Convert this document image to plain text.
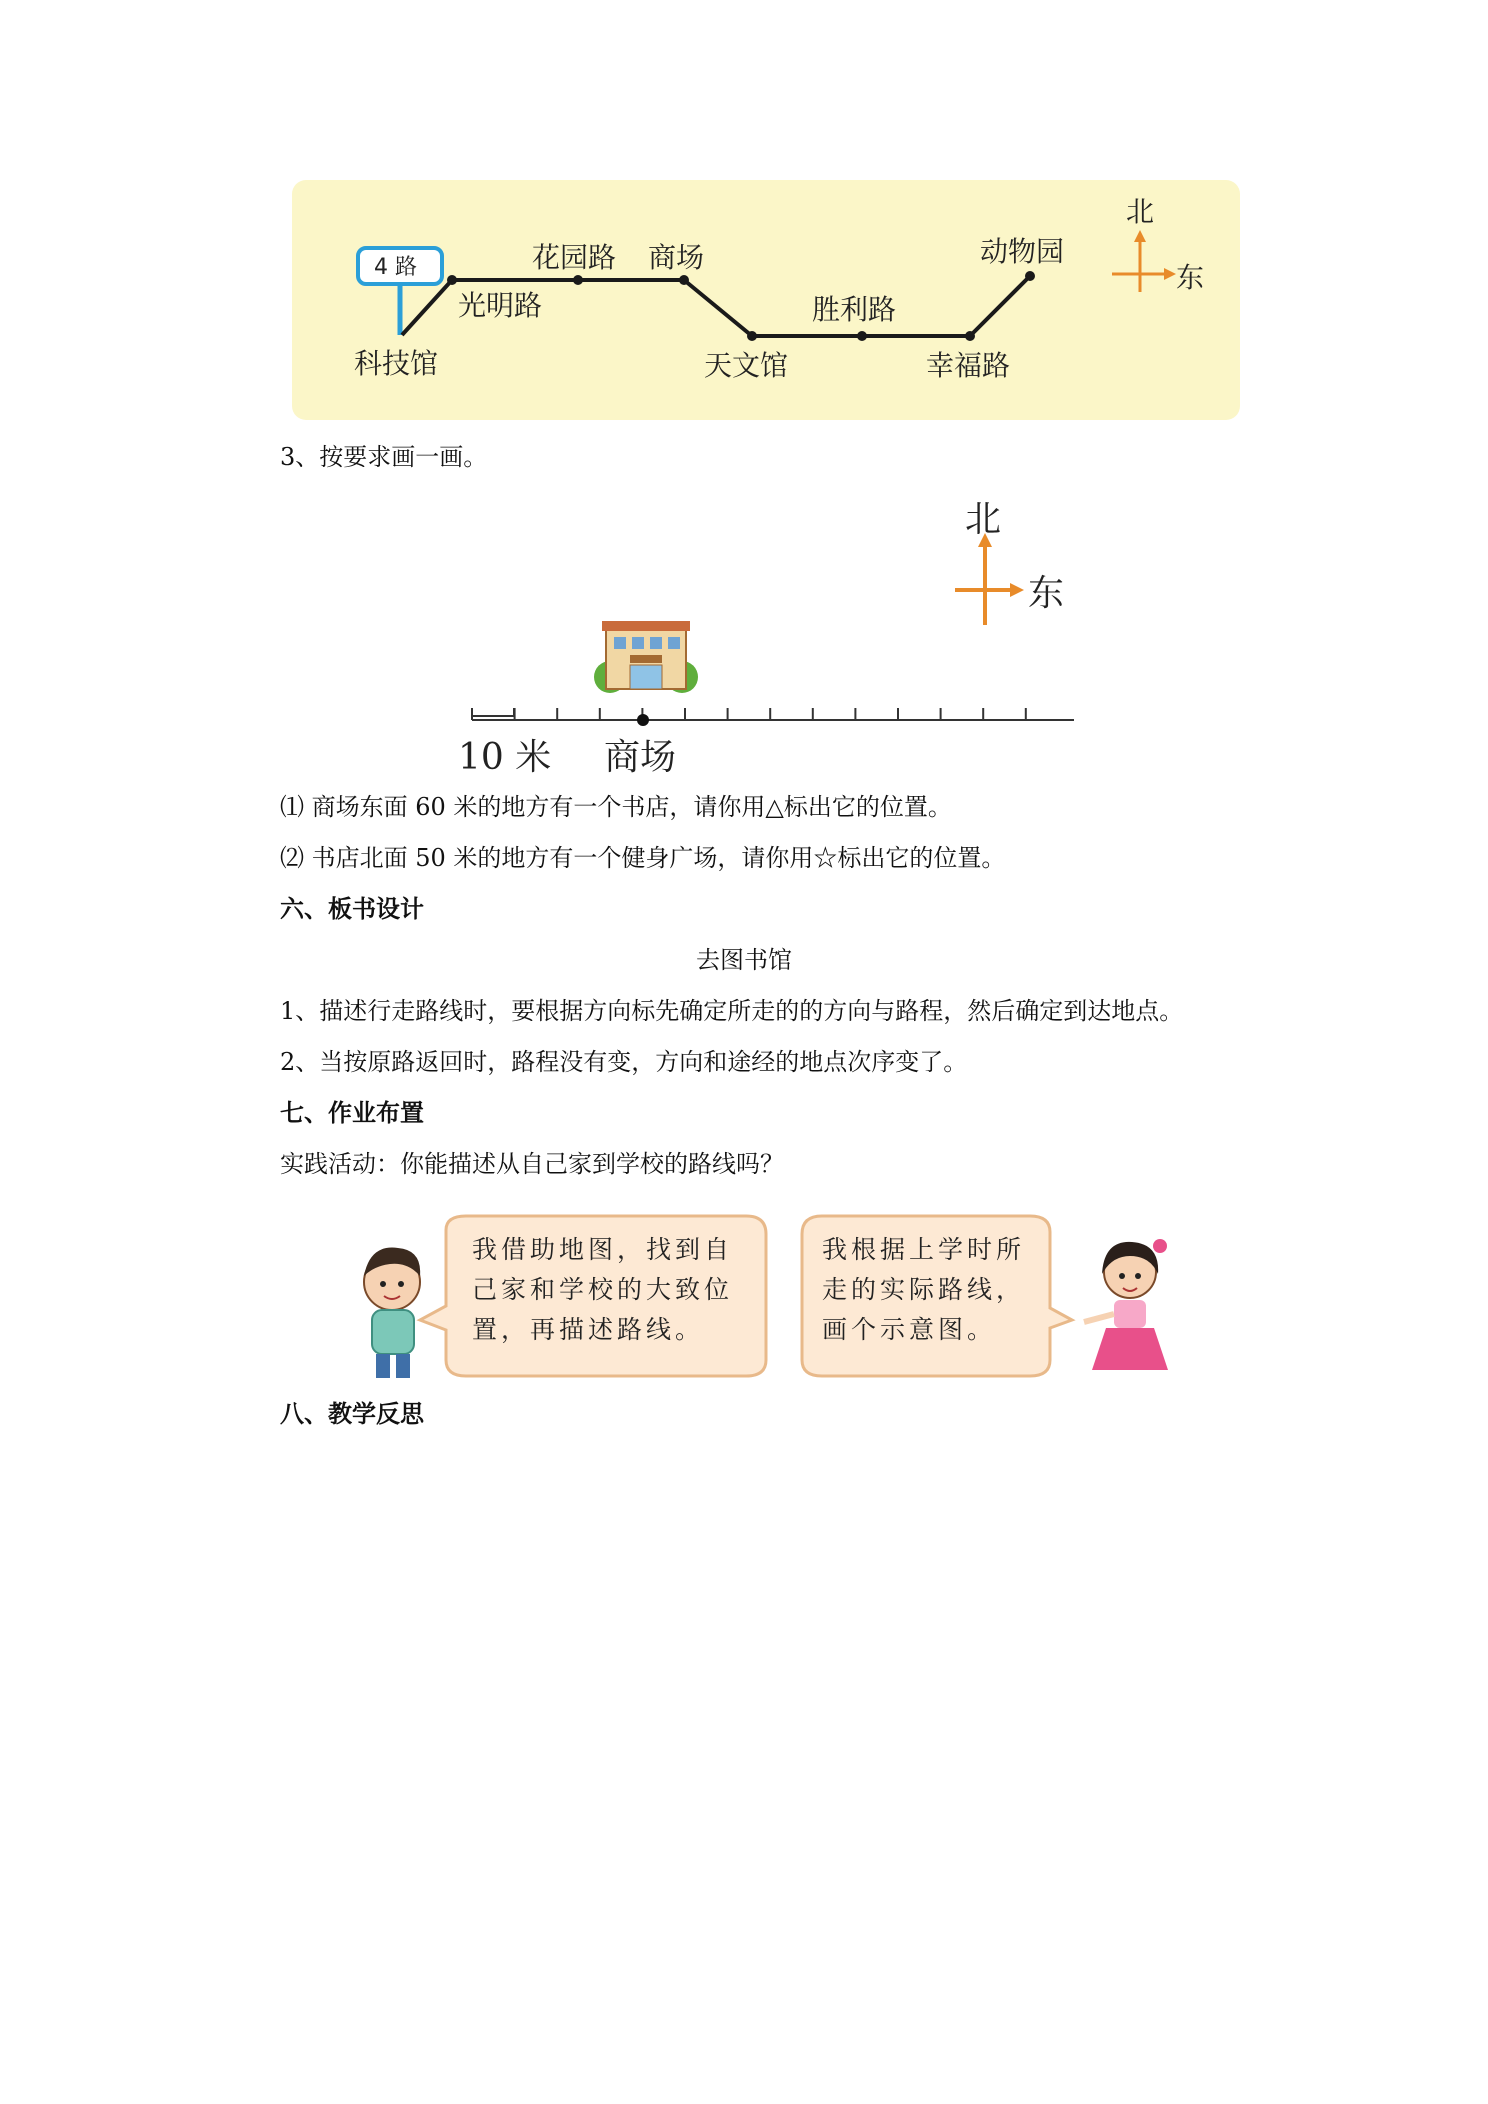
4 路
科技馆
光明路
花园路 商场
天文馆
胜利路
幸福路
动物园
北
东
3、按要求画一画。
北
东
10 米 商场
⑴ 商场东面 60 米的地方有一个书店，请你用△标出它的位置。
⑵ 书店北面 50 米的地方有一个健身广场，请你用☆标出它的位置。
六、板书设计
去图书馆
1、描述行走路线时，要根据方向标先确定所走的的方向与路程，然后确定到达地点。
2、当按原路返回时，路程没有变，方向和途经的地点次序变了。
七、作业布置
实践活动：你能描述从自己家到学校的路线吗？
我借助地图，找到自
己家和学校的大致位
置，再描述路线。
我根据上学时所
走的实际路线，
画个示意图。
八、教学反思
